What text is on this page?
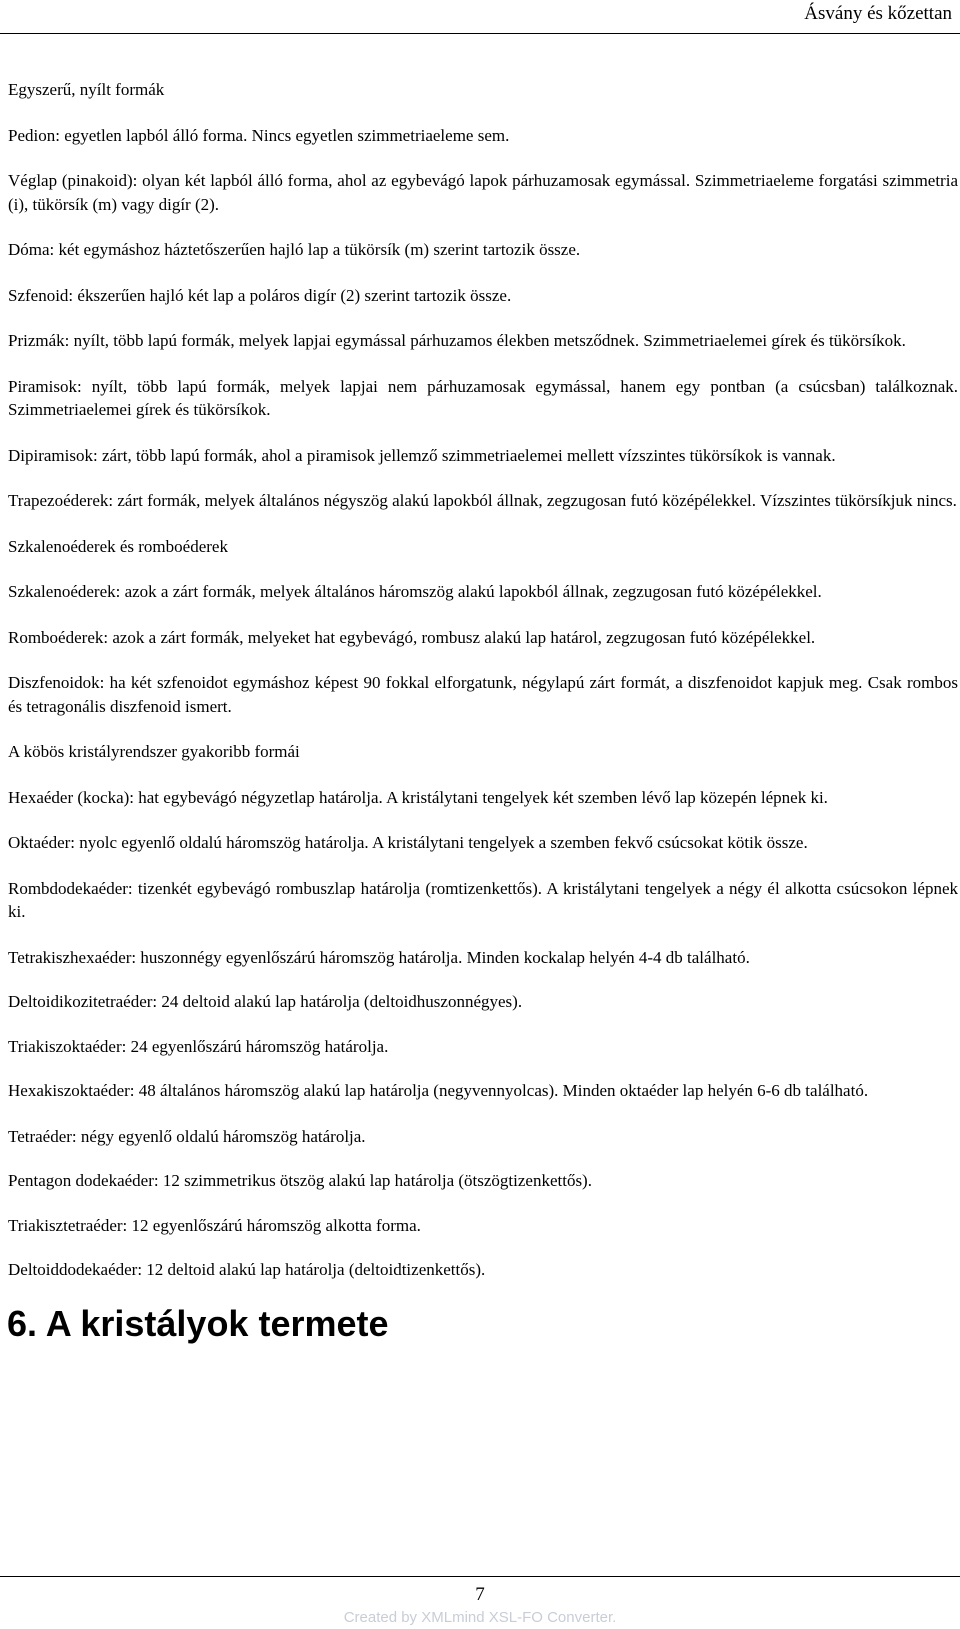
Ásvány és kőzettan

Egyszerű, nyílt formák

Pedion: egyetlen lapból álló forma. Nincs egyetlen szimmetriaeleme sem.

Véglap (pinakoid): olyan két lapból álló forma, ahol az egybevágó lapok párhuzamosak egymással. Szimmetriaeleme forgatási szimmetria (i), tükörsík (m) vagy digír (2).

Dóma: két egymáshoz háztetőszerűen hajló lap a tükörsík (m) szerint tartozik össze.

Szfenoid: ékszerűen hajló két lap a poláros digír (2) szerint tartozik össze.

Prizmák: nyílt, több lapú formák, melyek lapjai egymással párhuzamos élekben metsződnek. Szimmetriaelemei gírek és tükörsíkok.

Piramisok: nyílt, több lapú formák, melyek lapjai nem párhuzamosak egymással, hanem egy pontban (a csúcsban) találkoznak. Szimmetriaelemei gírek és tükörsíkok.

Dipiramisok: zárt, több lapú formák, ahol a piramisok jellemző szimmetriaelemei mellett vízszintes tükörsíkok is vannak.

Trapezoéderek: zárt formák, melyek általános négyszög alakú lapokból állnak, zegzugosan futó középélekkel. Vízszintes tükörsíkjuk nincs.

Szkalenoéderek és romboéderek

Szkalenoéderek: azok a zárt formák, melyek általános háromszög alakú lapokból állnak, zegzugosan futó középélekkel.

Romboéderek: azok a zárt formák, melyeket hat egybevágó, rombusz alakú lap határol, zegzugosan futó középélekkel.

Diszfenoidok: ha két szfenoidot egymáshoz képest 90 fokkal elforgatunk, négylapú zárt formát, a diszfenoidot kapjuk meg. Csak rombos és tetragonális diszfenoid ismert.

A köbös kristályrendszer gyakoribb formái

Hexaéder (kocka): hat egybevágó négyzetlap határolja. A kristálytani tengelyek két szemben lévő lap közepén lépnek ki.

Oktaéder: nyolc egyenlő oldalú háromszög határolja. A kristálytani tengelyek a szemben fekvő csúcsokat kötik össze.

Rombdodekaéder: tizenkét egybevágó rombuszlap határolja (romtizenkettős). A kristálytani tengelyek a négy él alkotta csúcsokon lépnek ki.

Tetrakiszhexaéder: huszonnégy egyenlőszárú háromszög határolja. Minden kockalap helyén 4-4 db található.

Deltoidikozitetraéder: 24 deltoid alakú lap határolja (deltoidhuszonnégyes).

Triakiszoktaéder: 24 egyenlőszárú háromszög határolja.

Hexakiszoktaéder: 48 általános háromszög alakú lap határolja (negyvennyolcas). Minden oktaéder lap helyén 6-6 db található.

Tetraéder: négy egyenlő oldalú háromszög határolja.

Pentagon dodekaéder: 12 szimmetrikus ötszög alakú lap határolja (ötszögtizenkettős).

Triakisztetraéder: 12 egyenlőszárú háromszög alkotta forma.

Deltoiddodekaéder: 12 deltoid alakú lap határolja (deltoidtizenkettős).

6. A kristályok termete
7
Created by XMLmind XSL-FO Converter.
